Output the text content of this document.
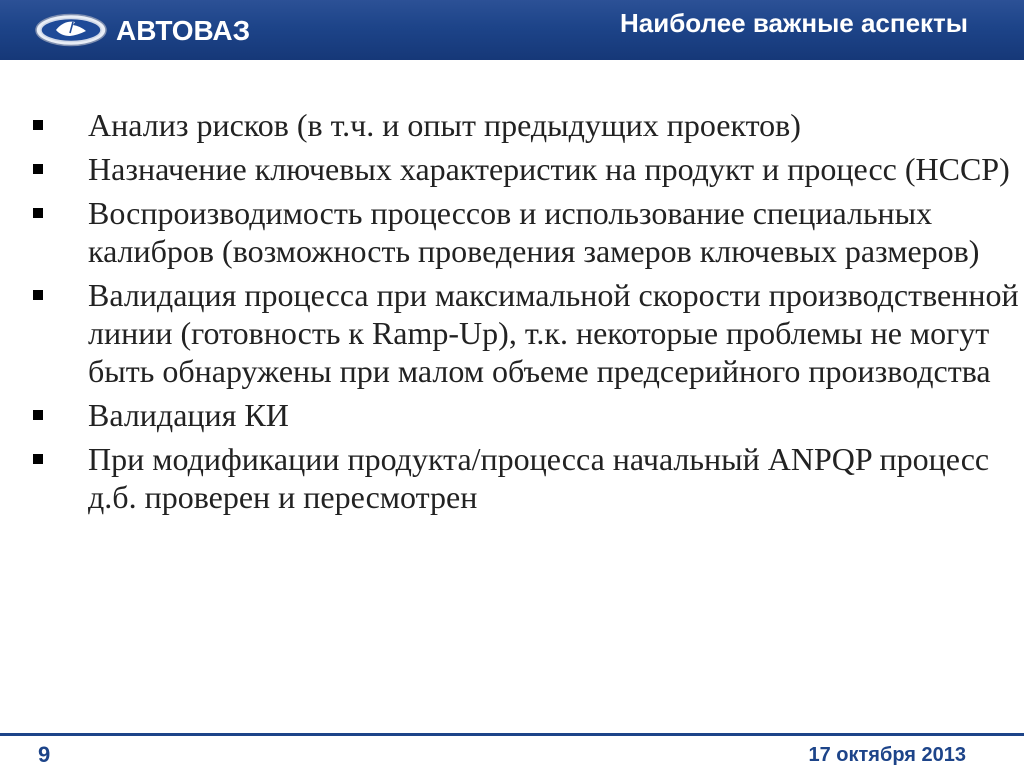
АВТОВАЗ	Наиболее важные аспекты
Анализ рисков (в т.ч. и опыт предыдущих проектов)
Назначение ключевых характеристик на продукт и процесс (HCCP)
Воспроизводимость процессов и использование специальных калибров (возможность проведения замеров ключевых размеров)
Валидация процесса при максимальной скорости производственной линии (готовность к Ramp-Up), т.к. некоторые проблемы не могут быть обнаружены при малом объеме предсерийного производства
Валидация КИ
При модификации продукта/процесса начальный ANPQP процесс д.б. проверен и пересмотрен
9	17 октября 2013
